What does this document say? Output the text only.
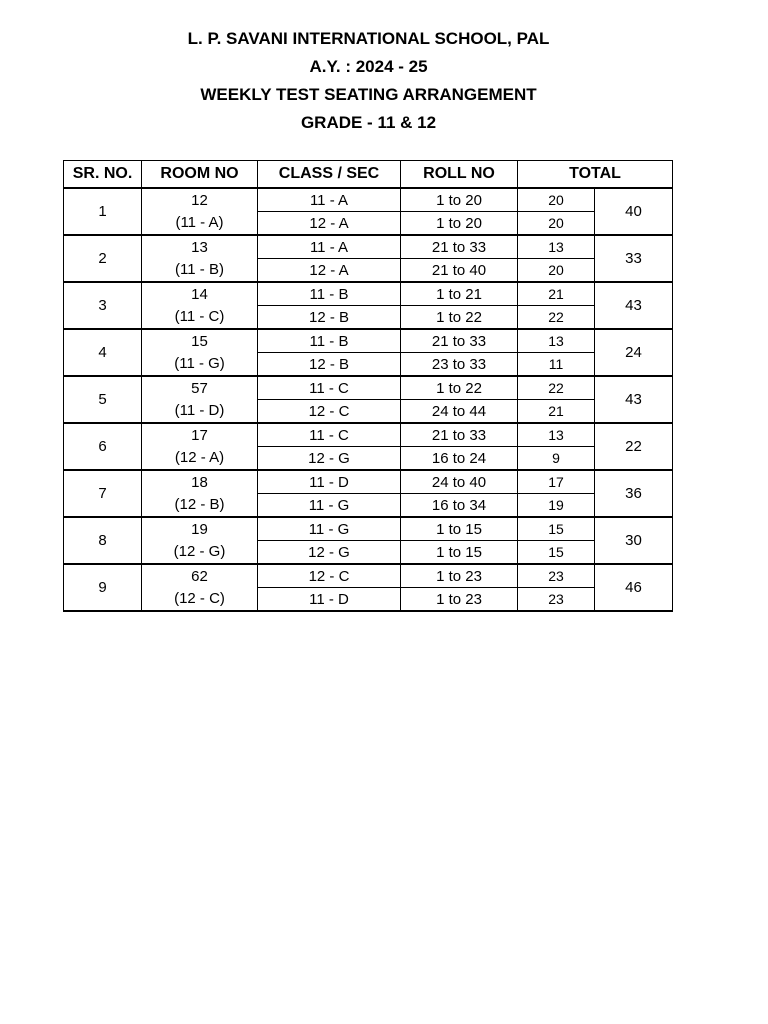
L. P. SAVANI INTERNATIONAL SCHOOL, PAL
A.Y. : 2024 - 25
WEEKLY TEST SEATING ARRANGEMENT
GRADE - 11 & 12
SR. NO.	ROOM NO	CLASS / SEC	ROLL NO	TOTAL	
1	12	11 - A	1 to 20	20	40
	(11 - A)	12 - A	1 to 20	20	
2	13	11 - A	21 to 33	13	33
	(11 - B)	12 - A	21 to 40	20	
3	14	11 - B	1 to 21	21	43
	(11 - C)	12 - B	1 to 22	22	
4	15	11 - B	21 to 33	13	24
	(11 - G)	12 - B	23 to 33	11	
5	57	11 - C	1 to 22	22	43
	(11 - D)	12 - C	24 to 44	21	
6	17	11 - C	21 to 33	13	22
	(12 - A)	12 - G	16 to 24	9	
7	18	11 - D	24 to 40	17	36
	(12 - B)	11 - G	16 to 34	19	
8	19	11 - G	1 to 15	15	30
	(12 - G)	12 - G	1 to 15	15	
9	62	12 - C	1 to 23	23	46
	(12 - C)	11 - D	1 to 23	23	
